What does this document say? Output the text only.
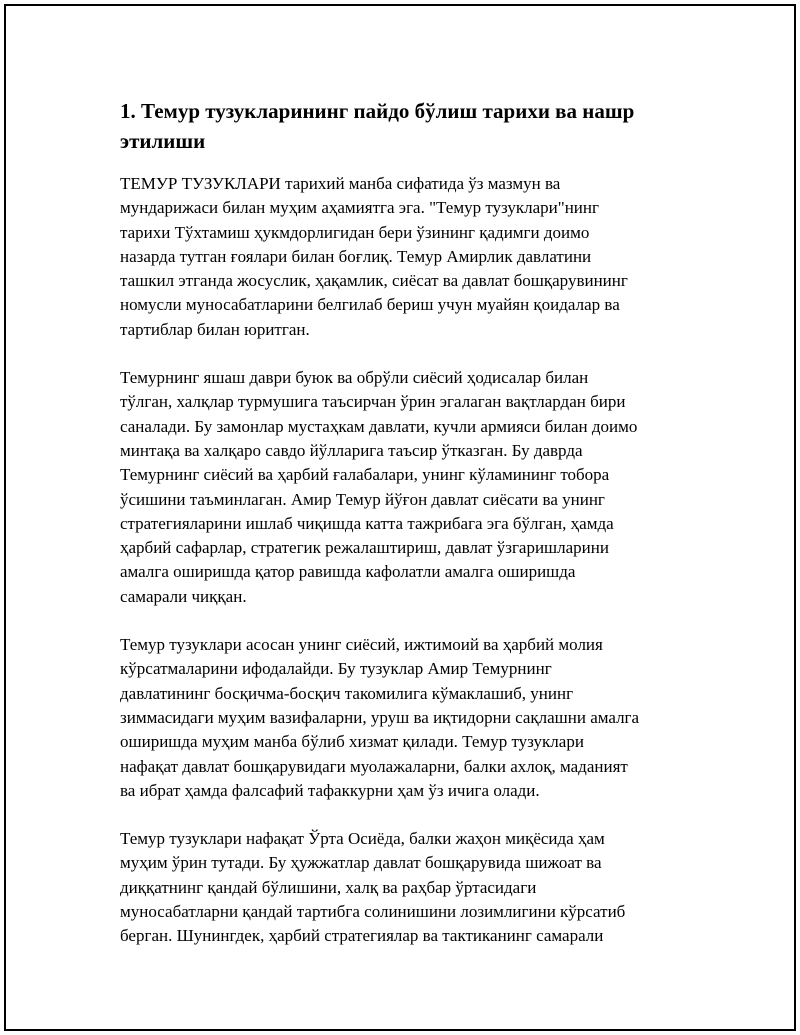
1. Темур тузукларининг пайдо бўлиш тарихи ва нашр
этилиши

ТЕМУР ТУЗУКЛАРИ тарихий манба сифатида ўз мазмун ва
мундарижаси билан муҳим аҳамиятга эга. "Темур тузуклари"нинг
тарихи Тўхтамиш ҳукмдорлигидан бери ўзининг қадимги доимо
назарда тутган ғоялари билан боғлиқ. Темур Амирлик давлатини
ташкил этганда жосуслик, ҳақамлик, сиёсат ва давлат бошқарувининг
номусли муносабатларини белгилаб бериш учун муайян қоидалар ва
тартиблар билан юритган.

Темурнинг яшаш даври буюк ва обрўли сиёсий ҳодисалар билан
тўлган, халқлар турмушига таъсирчан ўрин эгалаган вақтлардан бири
саналади. Бу замонлар мустаҳкам давлати, кучли армияси билан доимо
минтақа ва халқаро савдо йўлларига таъсир ўтказган. Бу даврда
Темурнинг сиёсий ва ҳарбий ғалабалари, унинг кўламининг тобора
ўсишини таъминлаган. Амир Темур йўғон давлат сиёсати ва унинг
стратегияларини ишлаб чиқишда катта тажрибага эга бўлган, ҳамда
ҳарбий сафарлар, стратегик режалаштириш, давлат ўзгаришларини
амалга оширишда қатор равишда кафолатли амалга оширишда
самарали чиққан.

Темур тузуклари асосан унинг сиёсий, ижтимоий ва ҳарбий молия
кўрсатмаларини ифодалайди. Бу тузуклар Амир Темурнинг
давлатининг босқичма-босқич такомилига кўмаклашиб, унинг
зиммасидаги муҳим вазифаларни, уруш ва иқтидорни сақлашни амалга
оширишда муҳим манба бўлиб хизмат қилади. Темур тузуклари
нафақат давлат бошқарувидаги муолажаларни, балки ахлоқ, маданият
ва ибрат ҳамда фалсафий тафаккурни ҳам ўз ичига олади.

Темур тузуклари нафақат Ўрта Осиёда, балки жаҳон миқёсида ҳам
муҳим ўрин тутади. Бу ҳужжатлар давлат бошқарувида шижоат ва
диққатнинг қандай бўлишини, халқ ва раҳбар ўртасидаги
муносабатларни қандай тартибга солинишини лозимлигини кўрсатиб
берган. Шунингдек, ҳарбий стратегиялар ва тактиканинг самарали
